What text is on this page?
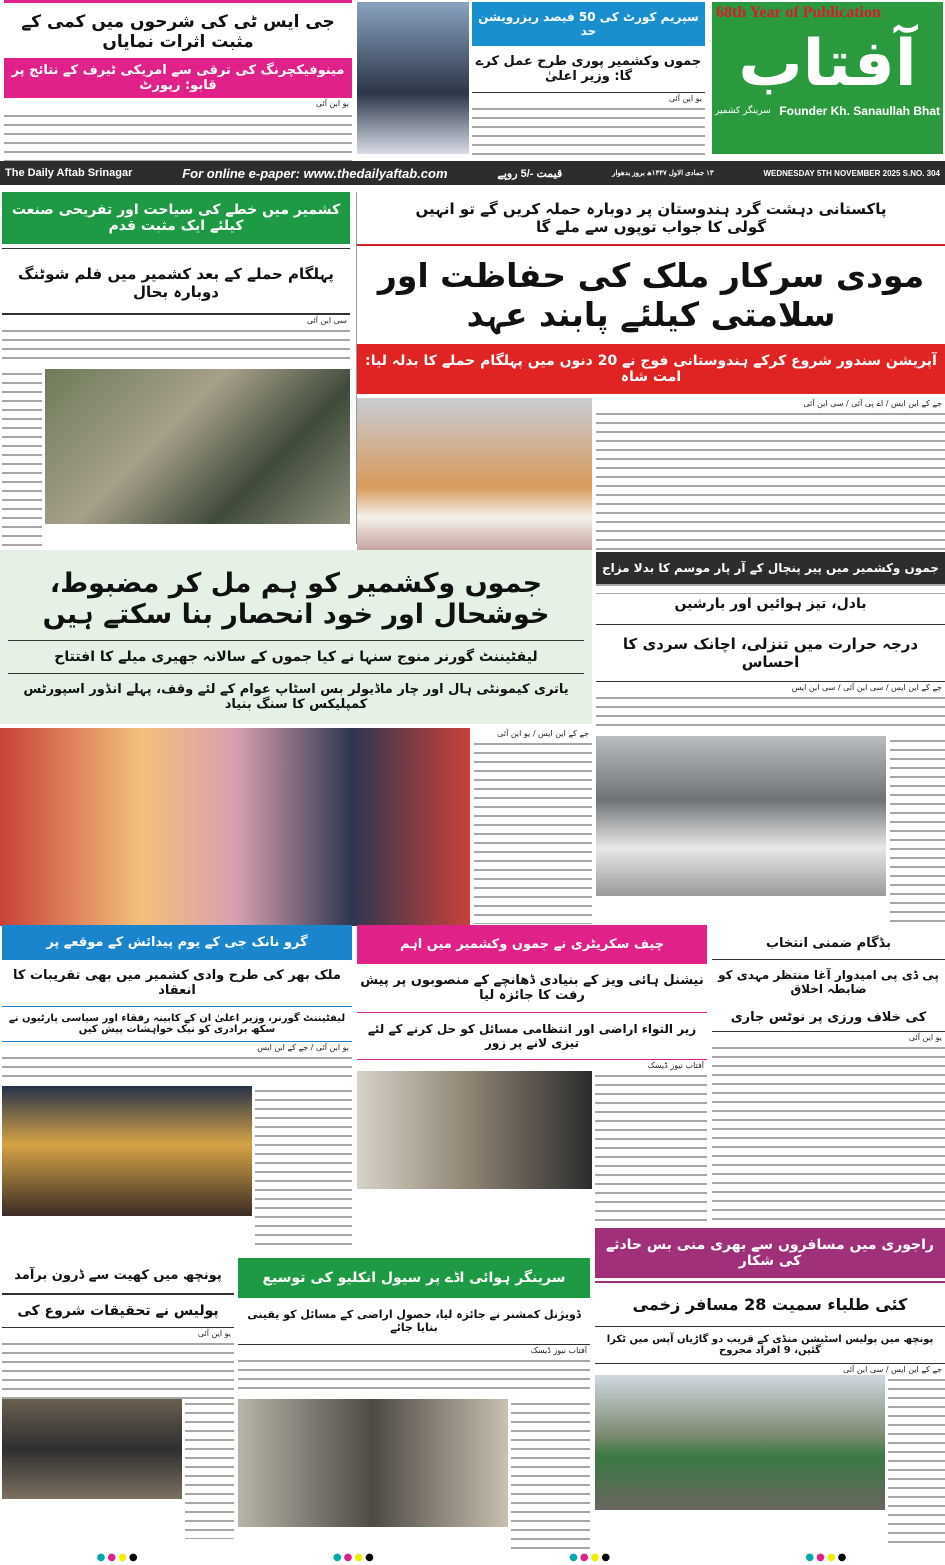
جی ایس ٹی کی شرحوں میں کمی کے مثبت اثرات نمایاں
مینوفیکچرنگ کی ترقی سے امریکی ٹیرف کے نتائج پر قابو: رپورٹ
یو این آئی
سپریم کورٹ کی 50 فیصد ریزرویشن حد
جموں وکشمیر پوری طرح عمل کرے گا: وزیر اعلیٰ
یو این آئی
68th Year of Publication
آفتاب
سرینگر کشمیر Founder Kh. Sanaullah Bhat
The Daily Aftab Srinagar	For online e-paper: www.thedailyaftab.com	قیمت -/5 روپے	۱۳ جمادی الاول ۱۴۴۷ھ بروز بدھوار	WEDNESDAY 5TH NOVEMBER 2025 S.NO. 304
کشمیر میں خطے کی سیاحت اور تفریحی صنعت کیلئے ایک مثبت قدم
پہلگام حملے کے بعد کشمیر میں فلم شوٹنگ دوبارہ بحال
سی این آئی
پاکستانی دہشت گرد ہندوستان پر دوبارہ حملہ کریں گے تو انہیں گولی کا جواب توپوں سے ملے گا
مودی سرکار ملک کی حفاظت اور سلامتی کیلئے پابند عہد
آپریشن سندور شروع کرکے ہندوستانی فوج نے 20 دنوں میں پہلگام حملے کا بدلہ لیا: امت شاہ
جے کے این ایس / اے پی آئی / سی این آئی
جموں وکشمیر کو ہم مل کر مضبوط، خوشحال اور خود انحصار بنا سکتے ہیں
لیفٹیننٹ گورنر منوج سنہا نے کیا جموں کے سالانہ جھیری میلے کا افتتاح
یاتری کیمونٹی ہال اور چار ماڈیولر بس اسٹاپ عوام کے لئے وقف، پہلے انڈور اسپورٹس کمپلیکس کا سنگ بنیاد
جے کے این ایس / یو این آئی
جموں وکشمیر میں پیر پنچال کے آر پار موسم کا بدلا مزاج
بادل، تیز ہوائیں اور بارشیں
درجہ حرارت میں تنزلی، اچانک سردی کا احساس
جے کے این ایس / سی این آئی / سی این ایس
گرو نانک جی کے یوم پیدائش کے موقعے پر
ملک بھر کی طرح وادی کشمیر میں بھی تقریبات کا انعقاد
لیفٹیننٹ گورنر، وزیر اعلیٰ ان کے کابینہ رفقاء اور سیاسی پارٹیوں نے سکھ برادری کو نیک خواہشات پیش کیں
یو این آئی / جے کے این ایس
چیف سکریٹری نے جموں وکشمیر میں اہم
نیشنل ہائی ویز کے بنیادی ڈھانچے کے منصوبوں پر پیش رفت کا جائزہ لیا
زیر التواء اراضی اور انتظامی مسائل کو حل کرنے کے لئے تیزی لانے پر زور
آفتاب نیوز ڈیسک
بڈگام ضمنی انتخاب
پی ڈی پی امیدوار آغا منتظر مہدی کو ضابطہ اخلاق
کی خلاف ورزی پر نوٹس جاری
یو این آئی
پونچھ میں کھیت سے ڈرون برآمد
پولیس نے تحقیقات شروع کی
یو این آئی
سرینگر ہوائی اڈے پر سیول انکلیو کی توسیع
ڈویژنل کمشنر نے جائزہ لیا، حصول اراضی کے مسائل کو یقینی بنایا جائے
آفتاب نیوز ڈیسک
راجوری میں مسافروں سے بھری منی بس حادثے کی شکار
کئی طلباء سمیت 28 مسافر زخمی
پونچھ میں پولیس اسٹیشن منڈی کے قریب دو گاڑیاں آپس میں ٹکرا گئیں، 9 افراد مجروح
جے کے این ایس / سی این آئی
●●●●	●●●●	●●●●	●●●●
